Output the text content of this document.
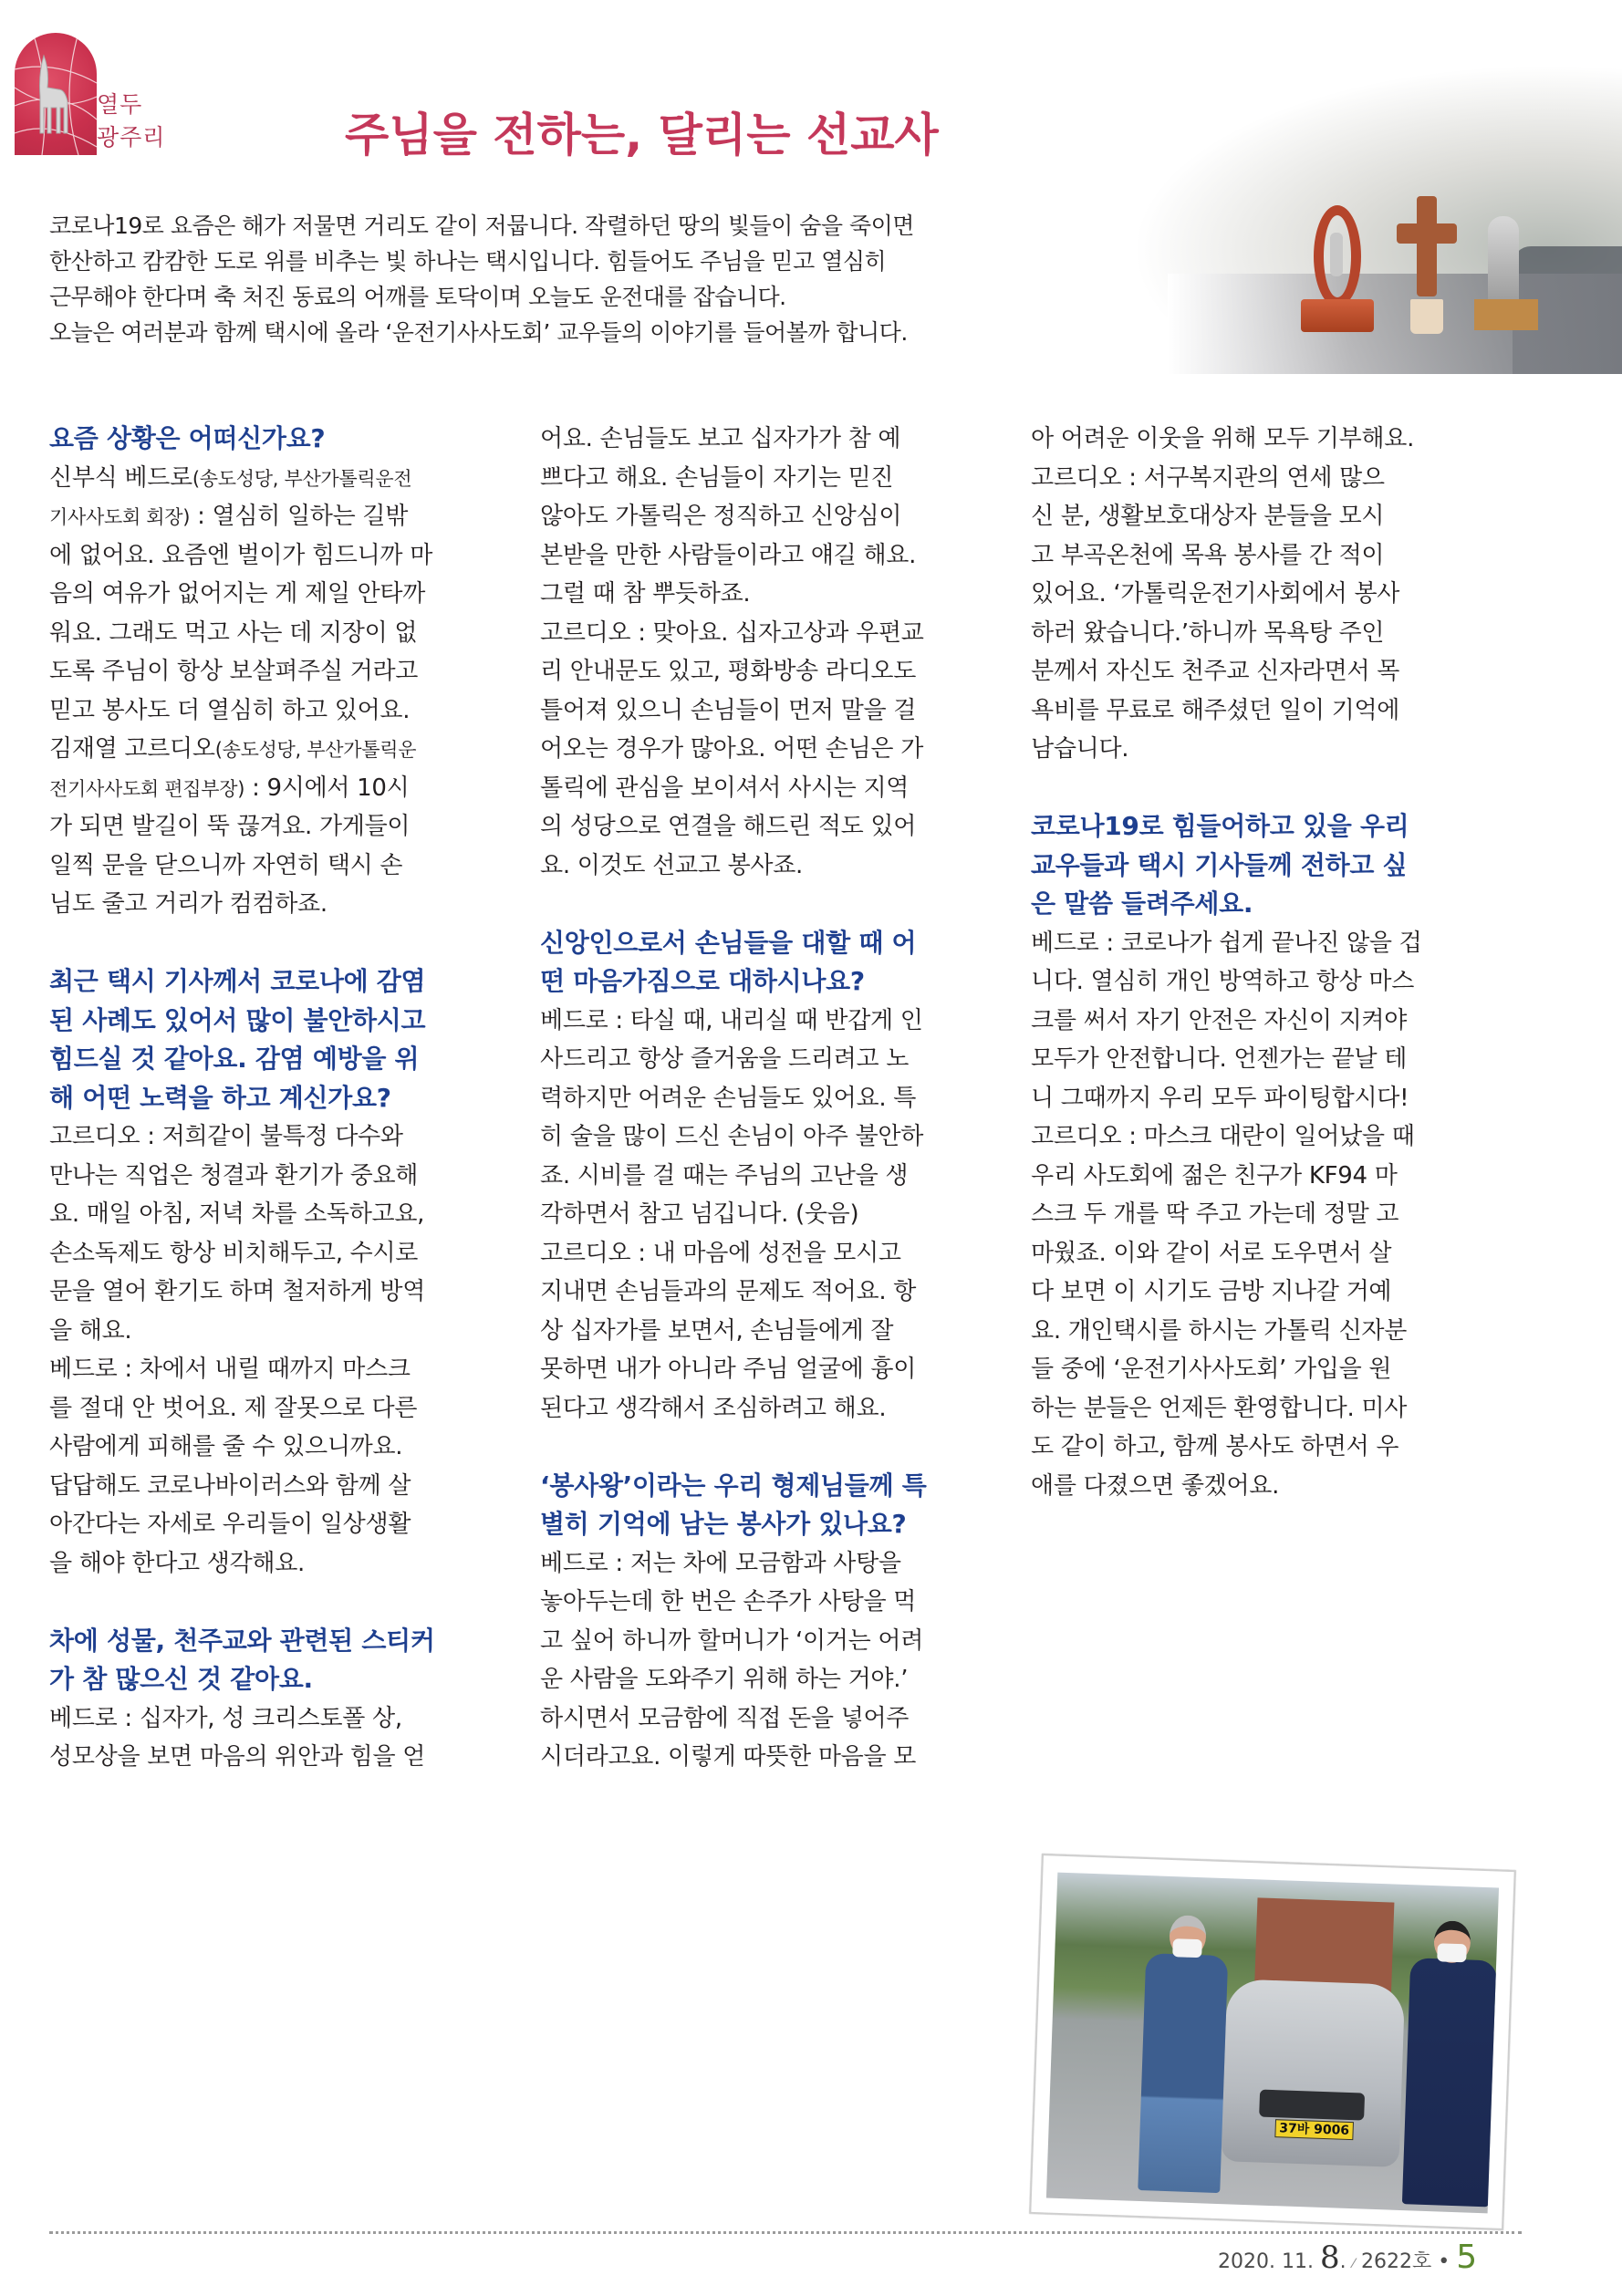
열두
광주리	주님을 전하는, 달리는 선교사

코로나19로 요즘은 해가 저물면 거리도 같이 저뭅니다. 작렬하던 땅의 빛들이 숨을 죽이면

한산하고 캄캄한 도로 위를 비추는 빛 하나는 택시입니다. 힘들어도 주님을 믿고 열심히

근무해야 한다며 축 처진 동료의 어깨를 토닥이며 오늘도 운전대를 잡습니다.

오늘은 여러분과 함께 택시에 올라 ‘운전기사사도회’ 교우들의 이야기를 들어볼까 합니다.

요즘 상황은 어떠신가요?
신부식 베드로(송도성당, 부산가톨릭운전
기사사도회 회장) : 열심히 일하는 길밖
에 없어요. 요즘엔 벌이가 힘드니까 마
음의 여유가 없어지는 게 제일 안타까
워요. 그래도 먹고 사는 데 지장이 없
도록 주님이 항상 보살펴주실 거라고
믿고 봉사도 더 열심히 하고 있어요.
김재열 고르디오(송도성당, 부산가톨릭운
전기사사도회 편집부장) : 9시에서 10시
가 되면 발길이 뚝 끊겨요. 가게들이
일찍 문을 닫으니까 자연히 택시 손
님도 줄고 거리가 컴컴하죠.
최근 택시 기사께서 코로나에 감염
된 사례도 있어서 많이 불안하시고
힘드실 것 같아요. 감염 예방을 위
해 어떤 노력을 하고 계신가요?
고르디오 : 저희같이 불특정 다수와
만나는 직업은 청결과 환기가 중요해
요. 매일 아침, 저녁 차를 소독하고요,
손소독제도 항상 비치해두고, 수시로
문을 열어 환기도 하며 철저하게 방역
을 해요.
베드로 : 차에서 내릴 때까지 마스크
를 절대 안 벗어요. 제 잘못으로 다른
사람에게 피해를 줄 수 있으니까요.
답답해도 코로나바이러스와 함께 살
아간다는 자세로 우리들이 일상생활
을 해야 한다고 생각해요.
차에 성물, 천주교와 관련된 스티커
가 참 많으신 것 같아요.
베드로 : 십자가, 성 크리스토폴 상,
성모상을 보면 마음의 위안과 힘을 얻
어요. 손님들도 보고 십자가가 참 예
쁘다고 해요. 손님들이 자기는 믿진
않아도 가톨릭은 정직하고 신앙심이
본받을 만한 사람들이라고 얘길 해요.
그럴 때 참 뿌듯하죠.
고르디오 : 맞아요. 십자고상과 우편교
리 안내문도 있고, 평화방송 라디오도
틀어져 있으니 손님들이 먼저 말을 걸
어오는 경우가 많아요. 어떤 손님은 가
톨릭에 관심을 보이셔서 사시는 지역
의 성당으로 연결을 해드린 적도 있어
요. 이것도 선교고 봉사죠.
신앙인으로서 손님들을 대할 때 어
떤 마음가짐으로 대하시나요?
베드로 : 타실 때, 내리실 때 반갑게 인
사드리고 항상 즐거움을 드리려고 노
력하지만 어려운 손님들도 있어요. 특
히 술을 많이 드신 손님이 아주 불안하
죠. 시비를 걸 때는 주님의 고난을 생
각하면서 참고 넘깁니다. (웃음)
고르디오 : 내 마음에 성전을 모시고
지내면 손님들과의 문제도 적어요. 항
상 십자가를 보면서, 손님들에게 잘
못하면 내가 아니라 주님 얼굴에 흉이
된다고 생각해서 조심하려고 해요.
‘봉사왕’이라는 우리 형제님들께 특
별히 기억에 남는 봉사가 있나요?
베드로 : 저는 차에 모금함과 사탕을
놓아두는데 한 번은 손주가 사탕을 먹
고 싶어 하니까 할머니가 ‘이거는 어려
운 사람을 도와주기 위해 하는 거야.’
하시면서 모금함에 직접 돈을 넣어주
시더라고요. 이렇게 따뜻한 마음을 모
아 어려운 이웃을 위해 모두 기부해요.
고르디오 : 서구복지관의 연세 많으
신 분, 생활보호대상자 분들을 모시
고 부곡온천에 목욕 봉사를 간 적이
있어요. ‘가톨릭운전기사회에서 봉사
하러 왔습니다.’하니까 목욕탕 주인
분께서 자신도 천주교 신자라면서 목
욕비를 무료로 해주셨던 일이 기억에
남습니다.
코로나19로 힘들어하고 있을 우리
교우들과 택시 기사들께 전하고 싶
은 말씀 들려주세요.
베드로 : 코로나가 쉽게 끝나진 않을 겁
니다. 열심히 개인 방역하고 항상 마스
크를 써서 자기 안전은 자신이 지켜야
모두가 안전합니다. 언젠가는 끝날 테
니 그때까지 우리 모두 파이팅합시다!
고르디오 : 마스크 대란이 일어났을 때
우리 사도회에 젊은 친구가 KF94 마
스크 두 개를 딱 주고 가는데 정말 고
마웠죠. 이와 같이 서로 도우면서 살
다 보면 이 시기도 금방 지나갈 거예
요. 개인택시를 하시는 가톨릭 신자분
들 중에 ‘운전기사사도회’ 가입을 원
하는 분들은 언제든 환영합니다. 미사
도 같이 하고, 함께 봉사도 하면서 우
애를 다졌으면 좋겠어요.
37바 9006
2020. 11. 8. ⁄ 2622호 • 5
